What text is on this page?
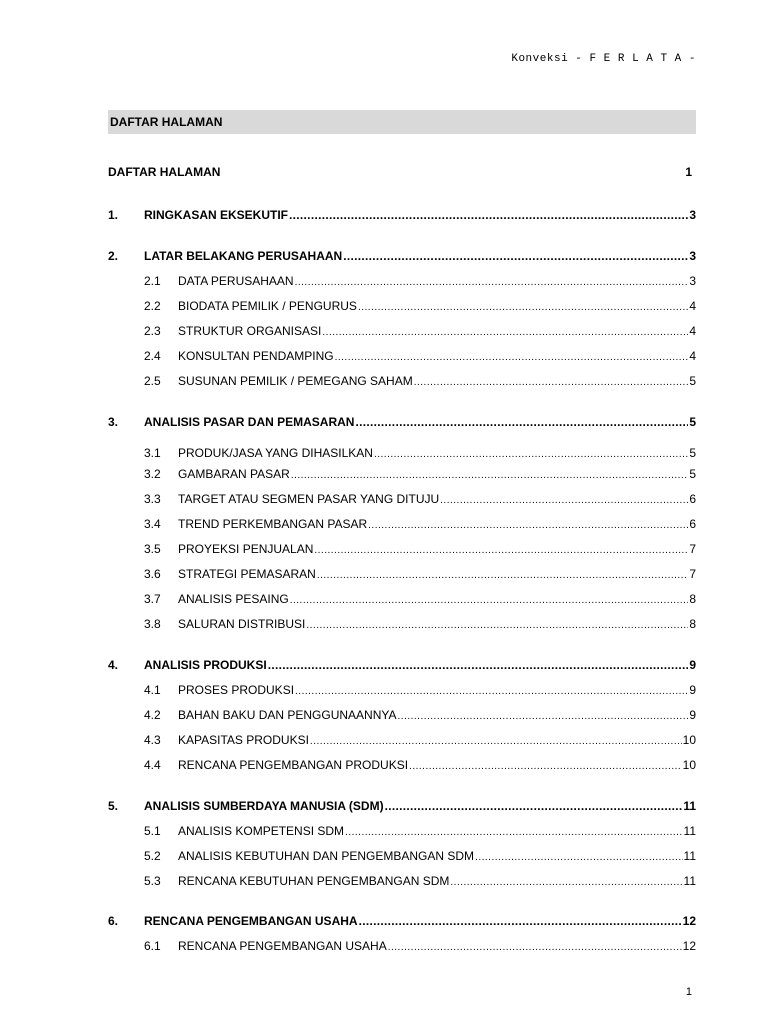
Konveksi - F E R L A T A -
DAFTAR HALAMAN
DAFTAR HALAMAN	1
1.	RINGKASAN EKSEKUTIF .....	3
2.	LATAR BELAKANG PERUSAHAAN .....	3
2.1	DATA PERUSAHAAN .....	3
2.2	BIODATA PEMILIK / PENGURUS .....	4
2.3	STRUKTUR ORGANISASI .....	4
2.4	KONSULTAN PENDAMPING .....	4
2.5	SUSUNAN PEMILIK / PEMEGANG SAHAM .....	5
3.	ANALISIS PASAR DAN PEMASARAN .....	5
3.1	PRODUK/JASA YANG DIHASILKAN .....	5
3.2	GAMBARAN PASAR .....	5
3.3	TARGET ATAU SEGMEN PASAR YANG DITUJU .....	6
3.4	TREND PERKEMBANGAN PASAR .....	6
3.5	PROYEKSI PENJUALAN .....	7
3.6	STRATEGI PEMASARAN .....	7
3.7	ANALISIS PESAING .....	8
3.8	SALURAN DISTRIBUSI .....	8
4.	ANALISIS PRODUKSI .....	9
4.1	PROSES PRODUKSI .....	9
4.2	BAHAN BAKU DAN PENGGUNAANNYA .....	9
4.3	KAPASITAS PRODUKSI .....	10
4.4	RENCANA PENGEMBANGAN PRODUKSI .....	10
5.	ANALISIS SUMBERDAYA MANUSIA (SDM) .....	11
5.1	ANALISIS KOMPETENSI SDM .....	11
5.2	ANALISIS KEBUTUHAN DAN PENGEMBANGAN SDM .....	11
5.3	RENCANA KEBUTUHAN PENGEMBANGAN SDM .....	11
6.	RENCANA PENGEMBANGAN USAHA .....	12
6.1	RENCANA PENGEMBANGAN USAHA .....	12
1
